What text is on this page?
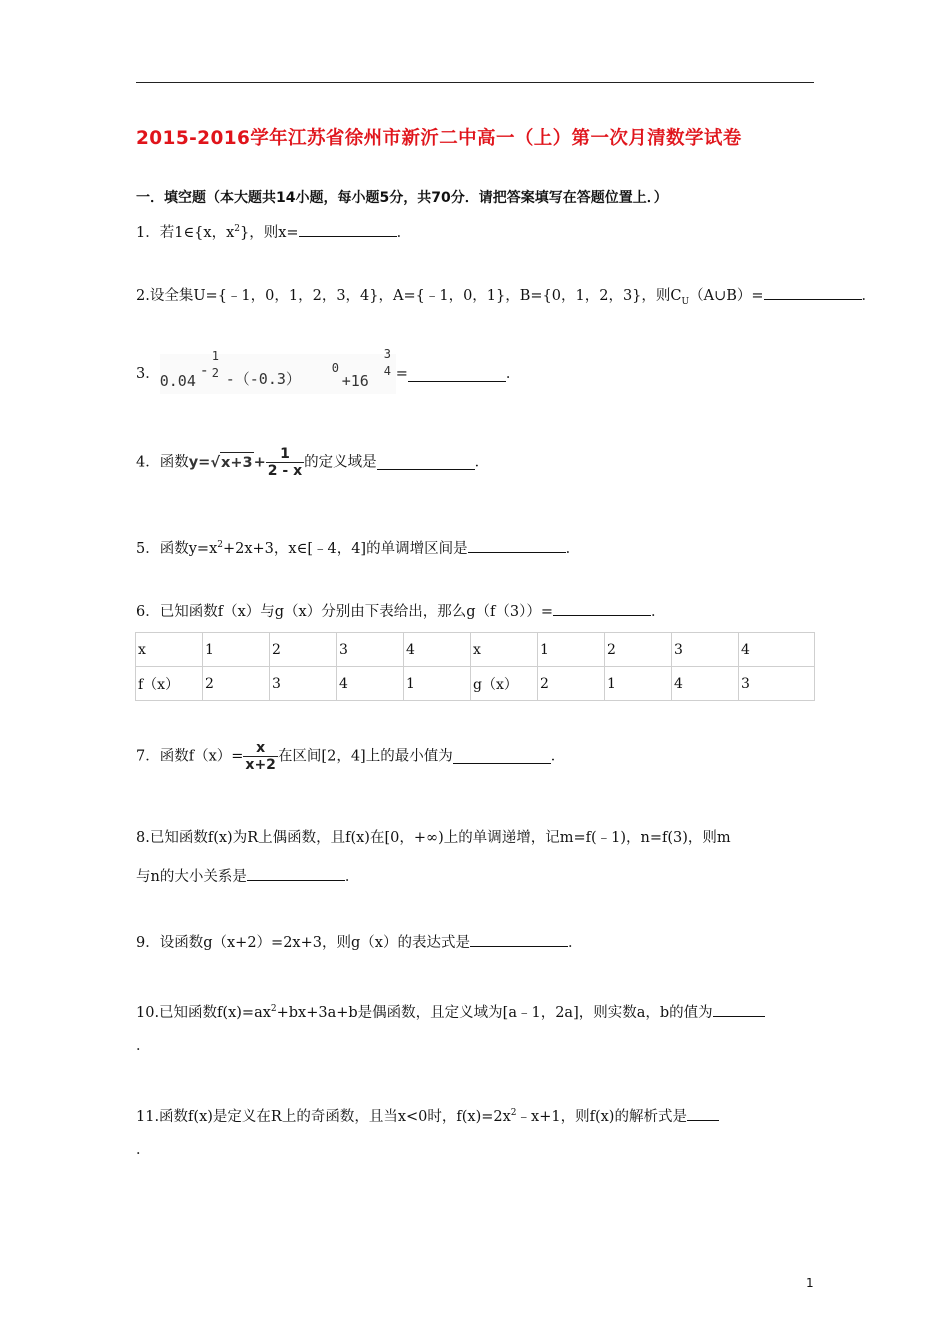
2015-2016学年江苏省徐州市新沂二中高一（上）第一次月清数学试卷
一．填空题（本大题共14小题，每小题5分，共70分．请把答案填写在答题位置上．）
1．若1∈{x，$x^2$}，则x=	．
2.设全集U={﹣1，0，1，2，3，4}，A={﹣1，0，1}，B={0，1，2，3}，则$C_U(A\cup B)=$	．
3． 0.04
-
1
2 -（-0.3）
0
+16
3
4 =	．
4．函数$y=√x+3+ \frac{1}{2 - x}$ 的定义域是	．
5．函数$y=x^2+2x+3$，x∈[﹣4，4]的单调增区间是	．
6．已知函数f（x）与g（x）分别由下表给出，那么g（f（3））=	．
x	1	2	3	4	x	1	2	3	4
f（x）	2	3	4	1	g（x）	2	1	4	3
7．函数$f(x)= \frac{x}{x+2}$ 在区间[2，4]上的最小值为	．
8.已知函数f(x)为R上偶函数，且f(x)在[0，+∞)上的单调递增，记m=f(﹣1)，n=f(3)，则m
与n的大小关系是	．
9．设函数g（x+2）=2x+3，则g（x）的表达式是	．
10.已知函数$f(x)=ax^2+bx+3a+b$是偶函数，且定义域为[a﹣1，2a]，则实数a，b的值为
．
11.函数f(x)是定义在R上的奇函数，且当x<0时，$f(x)=2x^2﹣x+1$，则f(x)的解析式是
．
1
